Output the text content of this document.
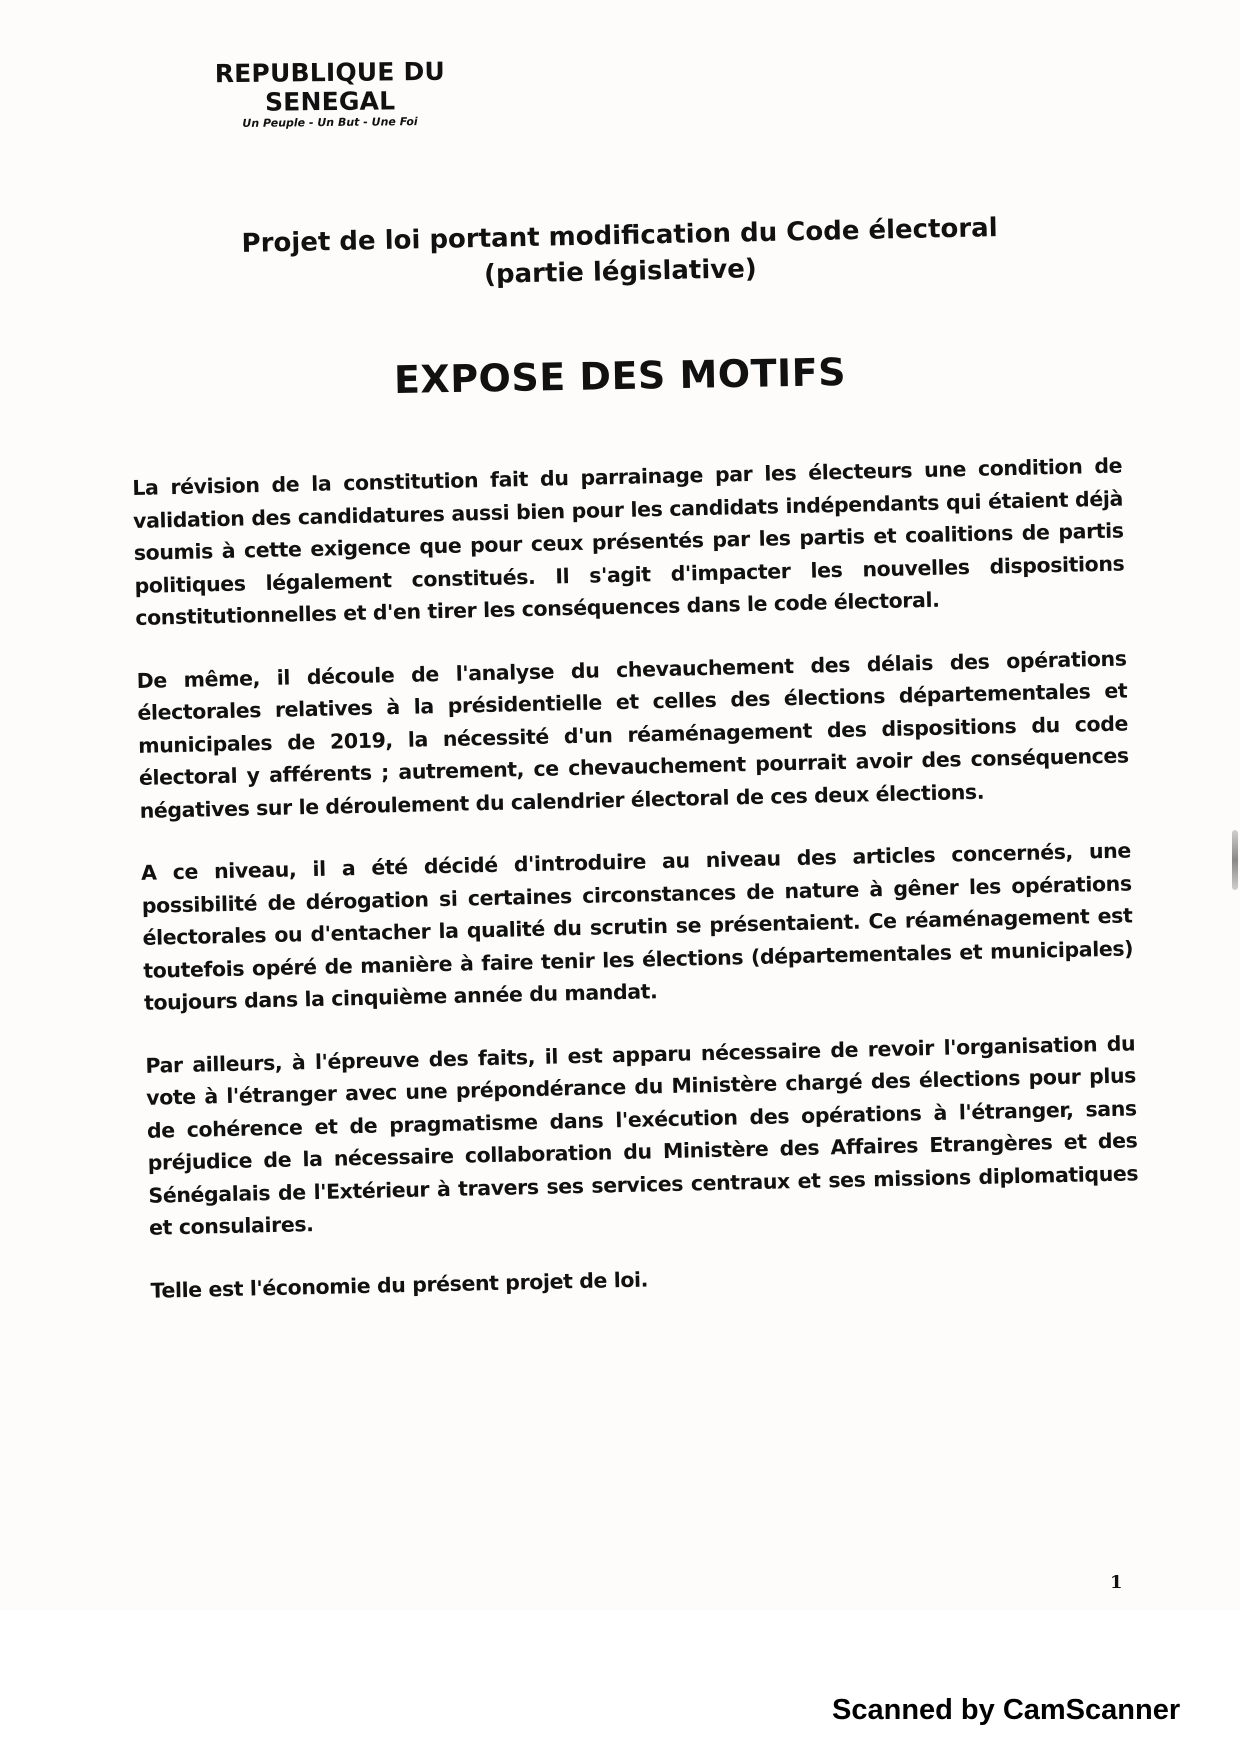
REPUBLIQUE DU SENEGAL
Un Peuple - Un But - Une Foi
Projet de loi portant modification du Code électoral
(partie législative)
EXPOSE DES MOTIFS

La révision de la constitution fait du parrainage par les électeurs une condition de validation des candidatures aussi bien pour les candidats indépendants qui étaient déjà soumis à cette exigence que pour ceux présentés par les partis et coalitions de partis politiques légalement constitués. Il s'agit d'impacter les nouvelles dispositions constitutionnelles et d'en tirer les conséquences dans le code électoral.

De même, il découle de l'analyse du chevauchement des délais des opérations électorales relatives à la présidentielle et celles des élections départementales et municipales de 2019, la nécessité d'un réaménagement des dispositions du code électoral y afférents ; autrement, ce chevauchement pourrait avoir des conséquences négatives sur le déroulement du calendrier électoral de ces deux élections.

A ce niveau, il a été décidé d'introduire au niveau des articles concernés, une possibilité de dérogation si certaines circonstances de nature à gêner les opérations électorales ou d'entacher la qualité du scrutin se présentaient. Ce réaménagement est toutefois opéré de manière à faire tenir les élections (départementales et municipales) toujours dans la cinquième année du mandat.

Par ailleurs, à l'épreuve des faits, il est apparu nécessaire de revoir l'organisation du vote à l'étranger avec une prépondérance du Ministère chargé des élections pour plus de cohérence et de pragmatisme dans l'exécution des opérations à l'étranger, sans préjudice de la nécessaire collaboration du Ministère des Affaires Etrangères et des Sénégalais de l'Extérieur à travers ses services centraux et ses missions diplomatiques et consulaires.

Telle est l'économie du présent projet de loi.
1
Scanned by CamScanner
